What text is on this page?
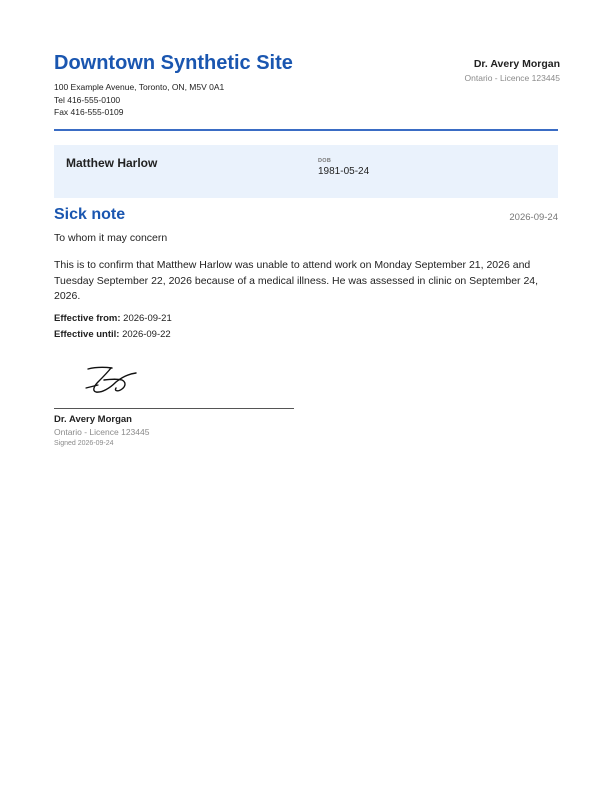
Downtown Synthetic Site
100 Example Avenue, Toronto, ON, M5V 0A1
Tel 416-555-0100
Fax 416-555-0109
Dr. Avery Morgan
Ontario - Licence 123445
Matthew Harlow	DOB
1981-05-24
Sick note	2026-09-24
To whom it may concern
This is to confirm that Matthew Harlow was unable to attend work on Monday September 21, 2026 and Tuesday September 22, 2026 because of a medical illness. He was assessed in clinic on September 24, 2026.
Effective from: 2026-09-21
Effective until: 2026-09-22
Dr. Avery Morgan
Ontario - Licence 123445
Signed 2026-09-24
